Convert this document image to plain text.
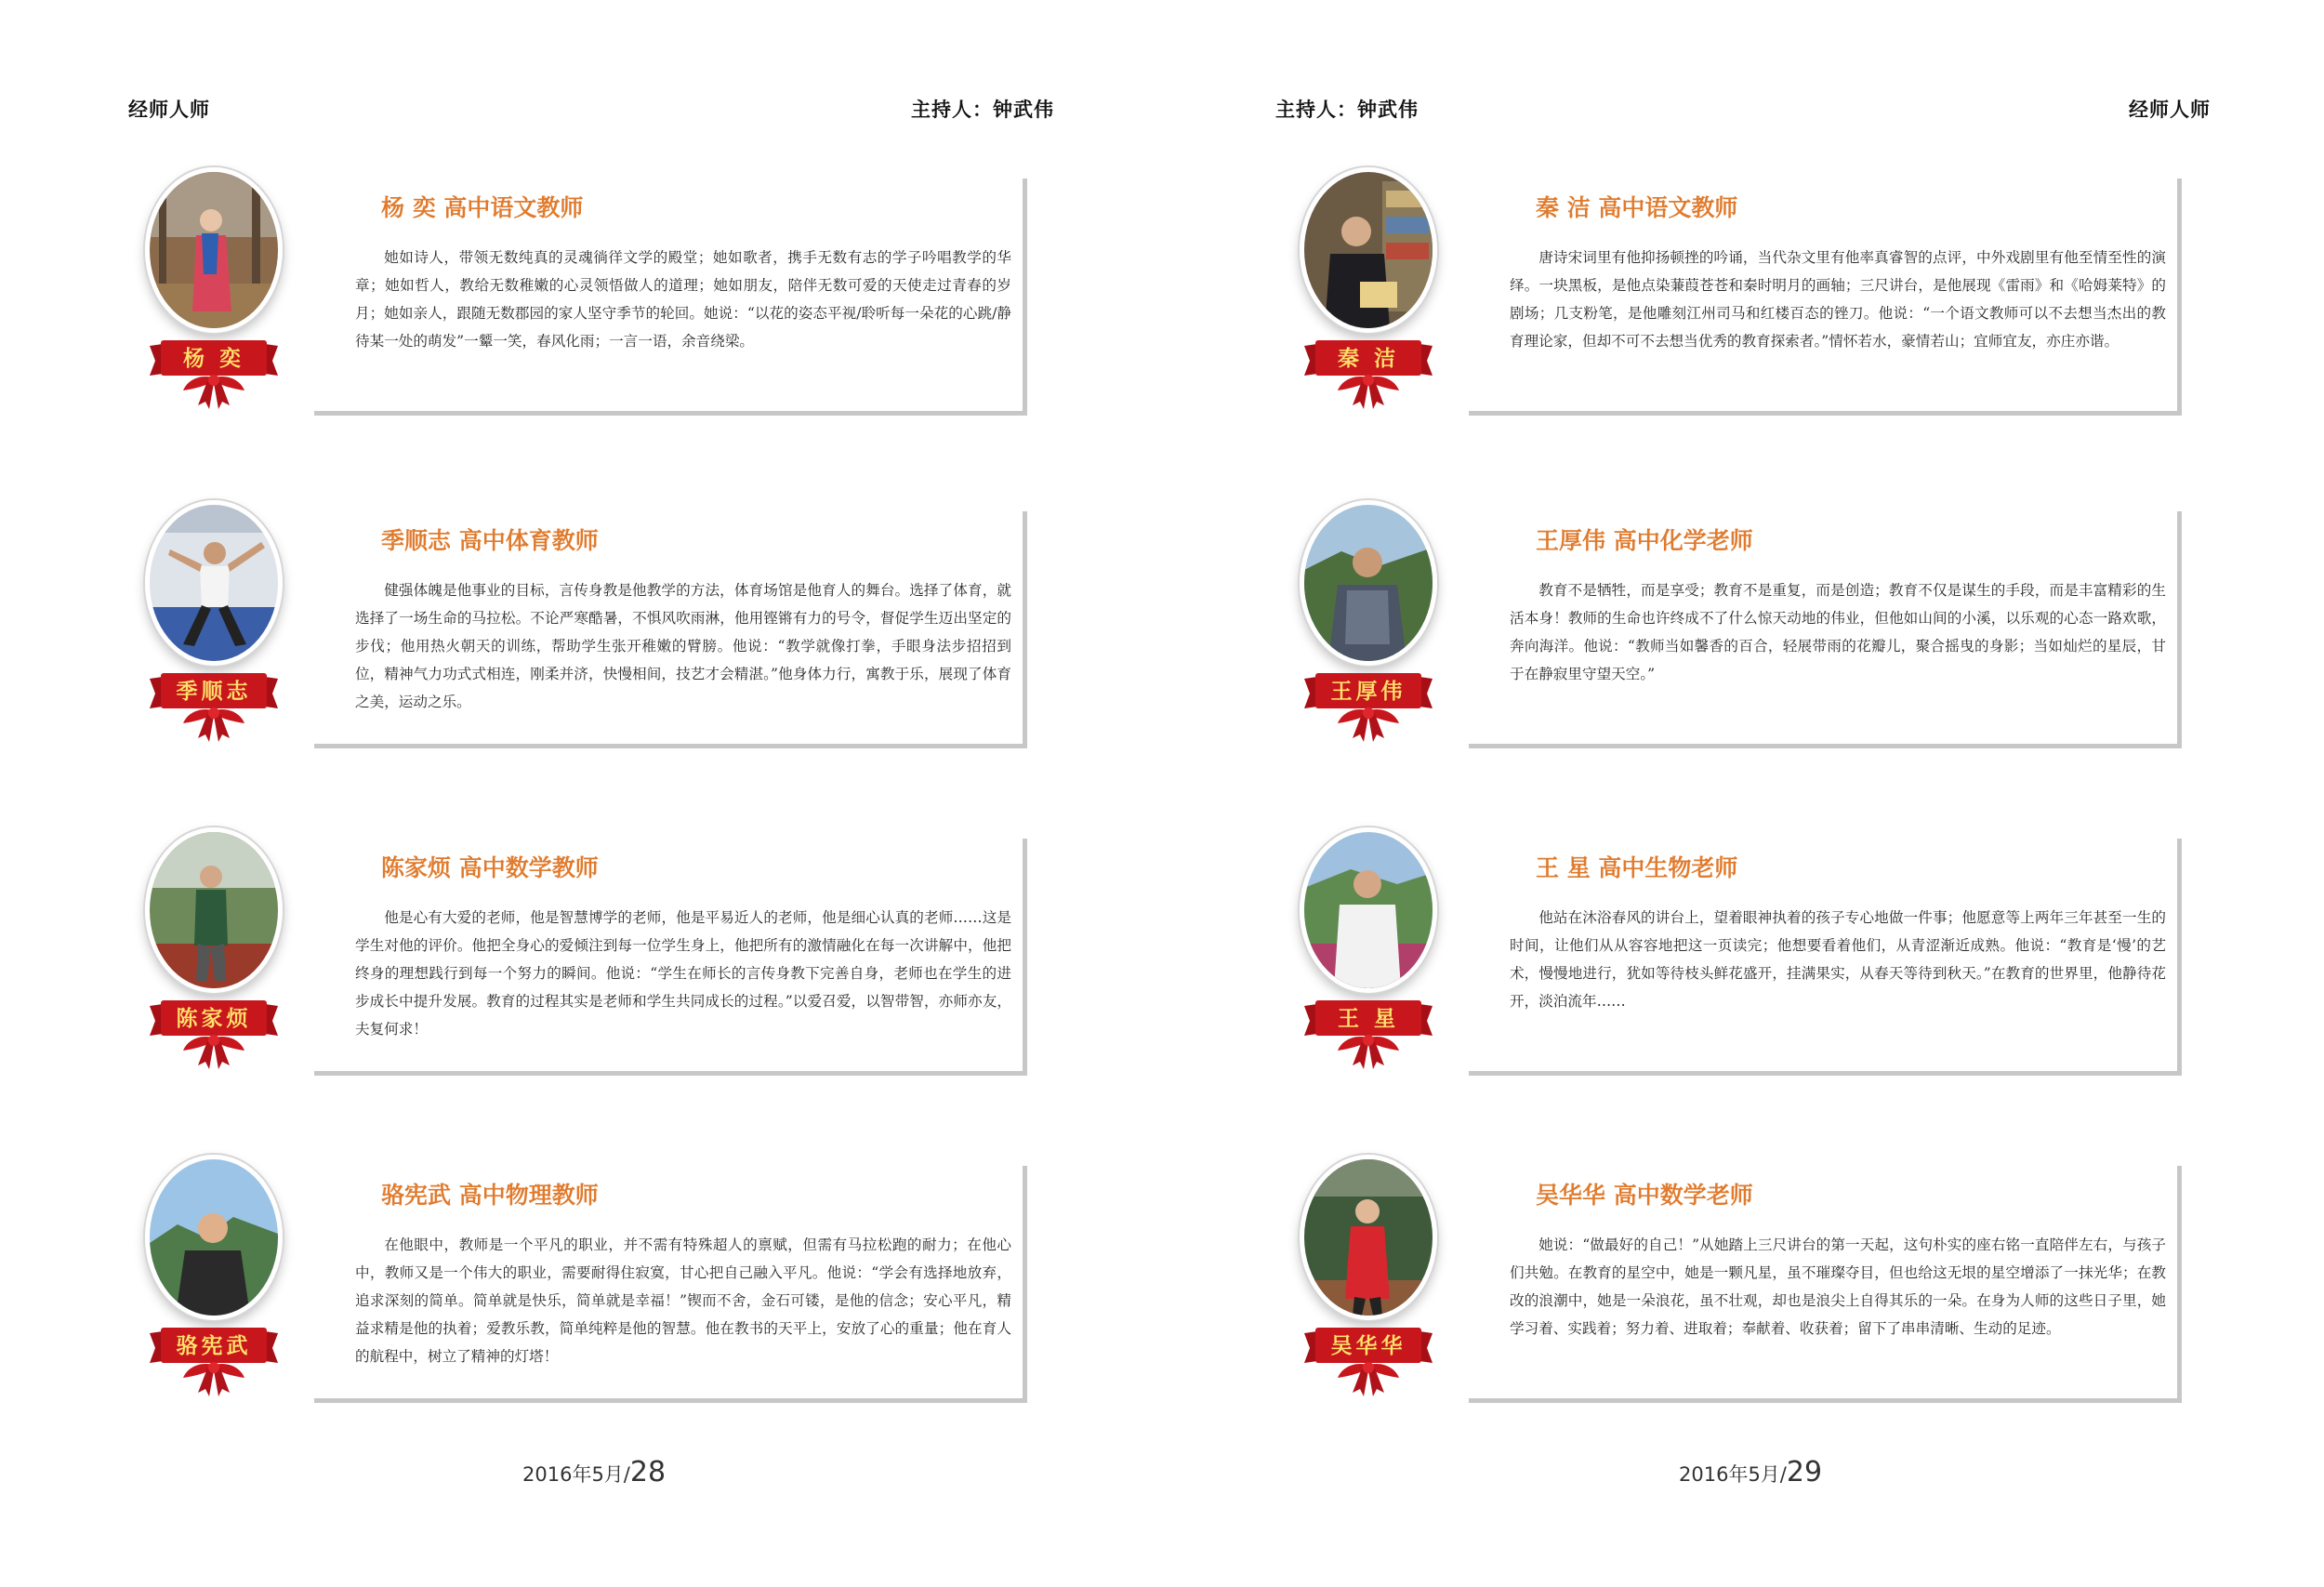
经师人师	主持人：钟武伟
杨 奕
杨 奕 高中语文教师
她如诗人，带领无数纯真的灵魂徜徉文学的殿堂；她如歌者，携手无数有志的学子吟唱教学的华章；她如哲人，教给无数稚嫩的心灵领悟做人的道理；她如朋友，陪伴无数可爱的天使走过青春的岁月；她如亲人，跟随无数郡园的家人坚守季节的轮回。她说：“以花的姿态平视/聆听每一朵花的心跳/静待某一处的萌发”一颦一笑，春风化雨；一言一语，余音绕梁。
季顺志
季顺志 高中体育教师
健强体魄是他事业的目标，言传身教是他教学的方法，体育场馆是他育人的舞台。选择了体育，就选择了一场生命的马拉松。不论严寒酷暑，不惧风吹雨淋，他用铿锵有力的号令，督促学生迈出坚定的步伐；他用热火朝天的训练，帮助学生张开稚嫩的臂膀。他说：“教学就像打拳，手眼身法步招招到位，精神气力功式式相连，刚柔并济，快慢相间，技艺才会精湛。”他身体力行，寓教于乐，展现了体育之美，运动之乐。
陈家烦
陈家烦 高中数学教师
他是心有大爱的老师，他是智慧博学的老师，他是平易近人的老师，他是细心认真的老师……这是学生对他的评价。他把全身心的爱倾注到每一位学生身上，他把所有的激情融化在每一次讲解中，他把终身的理想践行到每一个努力的瞬间。他说：“学生在师长的言传身教下完善自身，老师也在学生的进步成长中提升发展。教育的过程其实是老师和学生共同成长的过程。”以爱召爱，以智带智，亦师亦友，夫复何求！
骆宪武
骆宪武 高中物理教师
在他眼中，教师是一个平凡的职业，并不需有特殊超人的禀赋，但需有马拉松跑的耐力；在他心中，教师又是一个伟大的职业，需要耐得住寂寞，甘心把自己融入平凡。他说：“学会有选择地放弃，追求深刻的简单。简单就是快乐，简单就是幸福！”锲而不舍，金石可镂，是他的信念；安心平凡，精益求精是他的执着；爱教乐教，简单纯粹是他的智慧。他在教书的天平上，安放了心的重量；他在育人的航程中，树立了精神的灯塔！
2016年5月/28
主持人：钟武伟	经师人师
秦 洁
秦 洁 高中语文教师
唐诗宋词里有他抑扬顿挫的吟诵，当代杂文里有他率真睿智的点评，中外戏剧里有他至情至性的演绎。一块黑板，是他点染蒹葭苍苍和秦时明月的画轴；三尺讲台，是他展现《雷雨》和《哈姆莱特》的剧场；几支粉笔，是他雕刻江州司马和红楼百态的锉刀。他说：“一个语文教师可以不去想当杰出的教育理论家，但却不可不去想当优秀的教育探索者。”情怀若水，豪情若山；宜师宜友，亦庄亦谐。
王厚伟
王厚伟 高中化学老师
教育不是牺牲，而是享受；教育不是重复，而是创造；教育不仅是谋生的手段，而是丰富精彩的生活本身！教师的生命也许终成不了什么惊天动地的伟业，但他如山间的小溪，以乐观的心态一路欢歌，奔向海洋。他说：“教师当如馨香的百合，轻展带雨的花瓣儿，聚合摇曳的身影；当如灿烂的星辰，甘于在静寂里守望天空。”
王 星
王 星 高中生物老师
他站在沐浴春风的讲台上，望着眼神执着的孩子专心地做一件事；他愿意等上两年三年甚至一生的时间，让他们从从容容地把这一页读完；他想要看着他们，从青涩渐近成熟。他说：“教育是‘慢’的艺术，慢慢地进行，犹如等待枝头鲜花盛开，挂满果实，从春天等待到秋天。”在教育的世界里，他静待花开，淡泊流年……
吴华华
吴华华 高中数学老师
她说：“做最好的自己！”从她踏上三尺讲台的第一天起，这句朴实的座右铭一直陪伴左右，与孩子们共勉。在教育的星空中，她是一颗凡星，虽不璀璨夺目，但也给这无垠的星空增添了一抹光华；在教改的浪潮中，她是一朵浪花，虽不壮观，却也是浪尖上自得其乐的一朵。在身为人师的这些日子里，她学习着、实践着；努力着、进取着；奉献着、收获着；留下了串串清晰、生动的足迹。
2016年5月/29
